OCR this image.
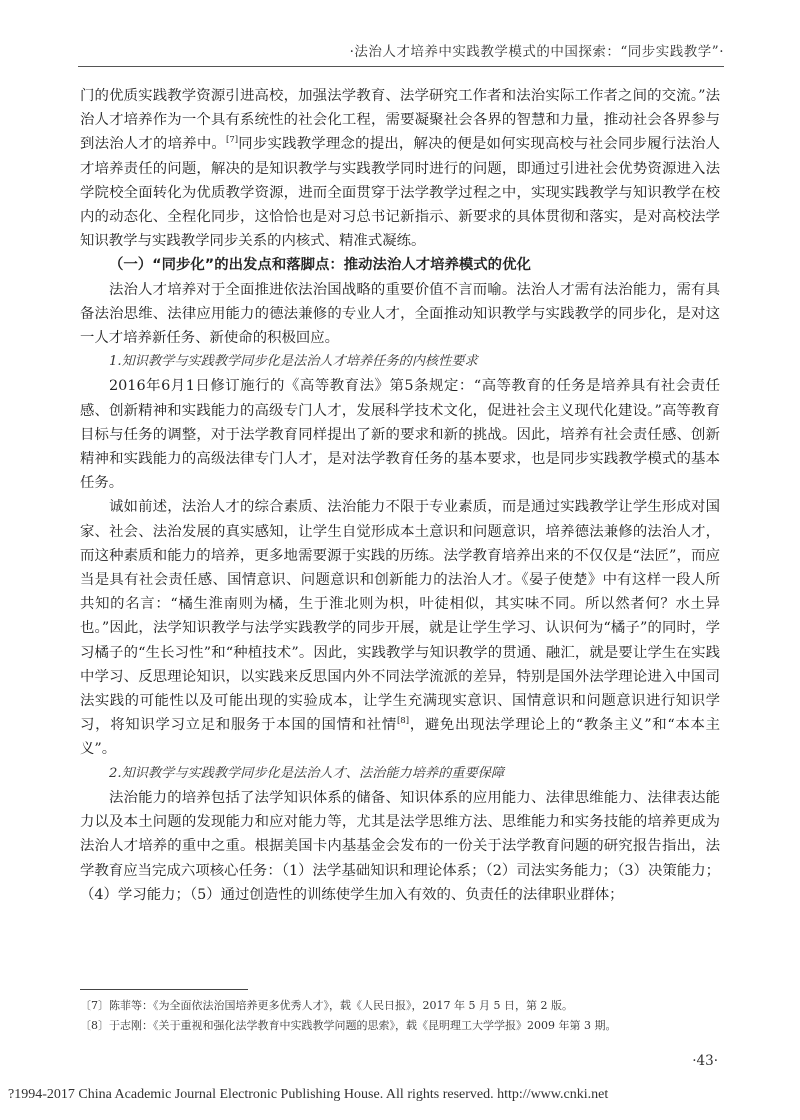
·法治人才培养中实践教学模式的中国探索：“同步实践教学”·

门的优质实践教学资源引进高校，加强法学教育、法学研究工作者和法治实际工作者之间的交流。”法治人才培养作为一个具有系统性的社会化工程，需要凝聚社会各界的智慧和力量，推动社会各界参与到法治人才的培养中。[7]同步实践教学理念的提出，解决的便是如何实现高校与社会同步履行法治人才培养责任的问题，解决的是知识教学与实践教学同时进行的问题，即通过引进社会优势资源进入法学院校全面转化为优质教学资源，进而全面贯穿于法学教学过程之中，实现实践教学与知识教学在校内的动态化、全程化同步，这恰恰也是对习总书记新指示、新要求的具体贯彻和落实，是对高校法学知识教学与实践教学同步关系的内核式、精准式凝练。

（一）“同步化”的出发点和落脚点：推动法治人才培养模式的优化

法治人才培养对于全面推进依法治国战略的重要价值不言而喻。法治人才需有法治能力，需有具备法治思维、法律应用能力的德法兼修的专业人才，全面推动知识教学与实践教学的同步化，是对这一人才培养新任务、新使命的积极回应。

1.知识教学与实践教学同步化是法治人才培养任务的内核性要求

2016年6月1日修订施行的《高等教育法》第5条规定：“高等教育的任务是培养具有社会责任感、创新精神和实践能力的高级专门人才，发展科学技术文化，促进社会主义现代化建设。”高等教育目标与任务的调整，对于法学教育同样提出了新的要求和新的挑战。因此，培养有社会责任感、创新精神和实践能力的高级法律专门人才，是对法学教育任务的基本要求，也是同步实践教学模式的基本任务。

诚如前述，法治人才的综合素质、法治能力不限于专业素质，而是通过实践教学让学生形成对国家、社会、法治发展的真实感知，让学生自觉形成本土意识和问题意识，培养德法兼修的法治人才，而这种素质和能力的培养，更多地需要源于实践的历练。法学教育培养出来的不仅仅是“法匠”，而应当是具有社会责任感、国情意识、问题意识和创新能力的法治人才。《晏子使楚》中有这样一段人所共知的名言：“橘生淮南则为橘，生于淮北则为枳，叶徒相似，其实味不同。所以然者何？水土异也。”因此，法学知识教学与法学实践教学的同步开展，就是让学生学习、认识何为“橘子”的同时，学习橘子的“生长习性”和“种植技术”。因此，实践教学与知识教学的贯通、融汇，就是要让学生在实践中学习、反思理论知识，以实践来反思国内外不同法学流派的差异，特别是国外法学理论进入中国司法实践的可能性以及可能出现的实验成本，让学生充满现实意识、国情意识和问题意识进行知识学习，将知识学习立足和服务于本国的国情和社情[8]，避免出现法学理论上的“教条主义”和“本本主义”。

2.知识教学与实践教学同步化是法治人才、法治能力培养的重要保障

法治能力的培养包括了法学知识体系的储备、知识体系的应用能力、法律思维能力、法律表达能力以及本土问题的发现能力和应对能力等，尤其是法学思维方法、思维能力和实务技能的培养更成为法治人才培养的重中之重。根据美国卡内基基金会发布的一份关于法学教育问题的研究报告指出，法学教育应当完成六项核心任务：（1）法学基础知识和理论体系；（2）司法实务能力；（3）决策能力；（4）学习能力；（5）通过创造性的训练使学生加入有效的、负责任的法律职业群体；

〔7〕陈菲等：《为全面依法治国培养更多优秀人才》，载《人民日报》，2017 年 5 月 5 日，第 2 版。

〔8〕于志刚：《关于重视和强化法学教育中实践教学问题的思索》，载《昆明理工大学学报》2009 年第 3 期。

·43·
?1994-2017 China Academic Journal Electronic Publishing House. All rights reserved. http://www.cnki.net
